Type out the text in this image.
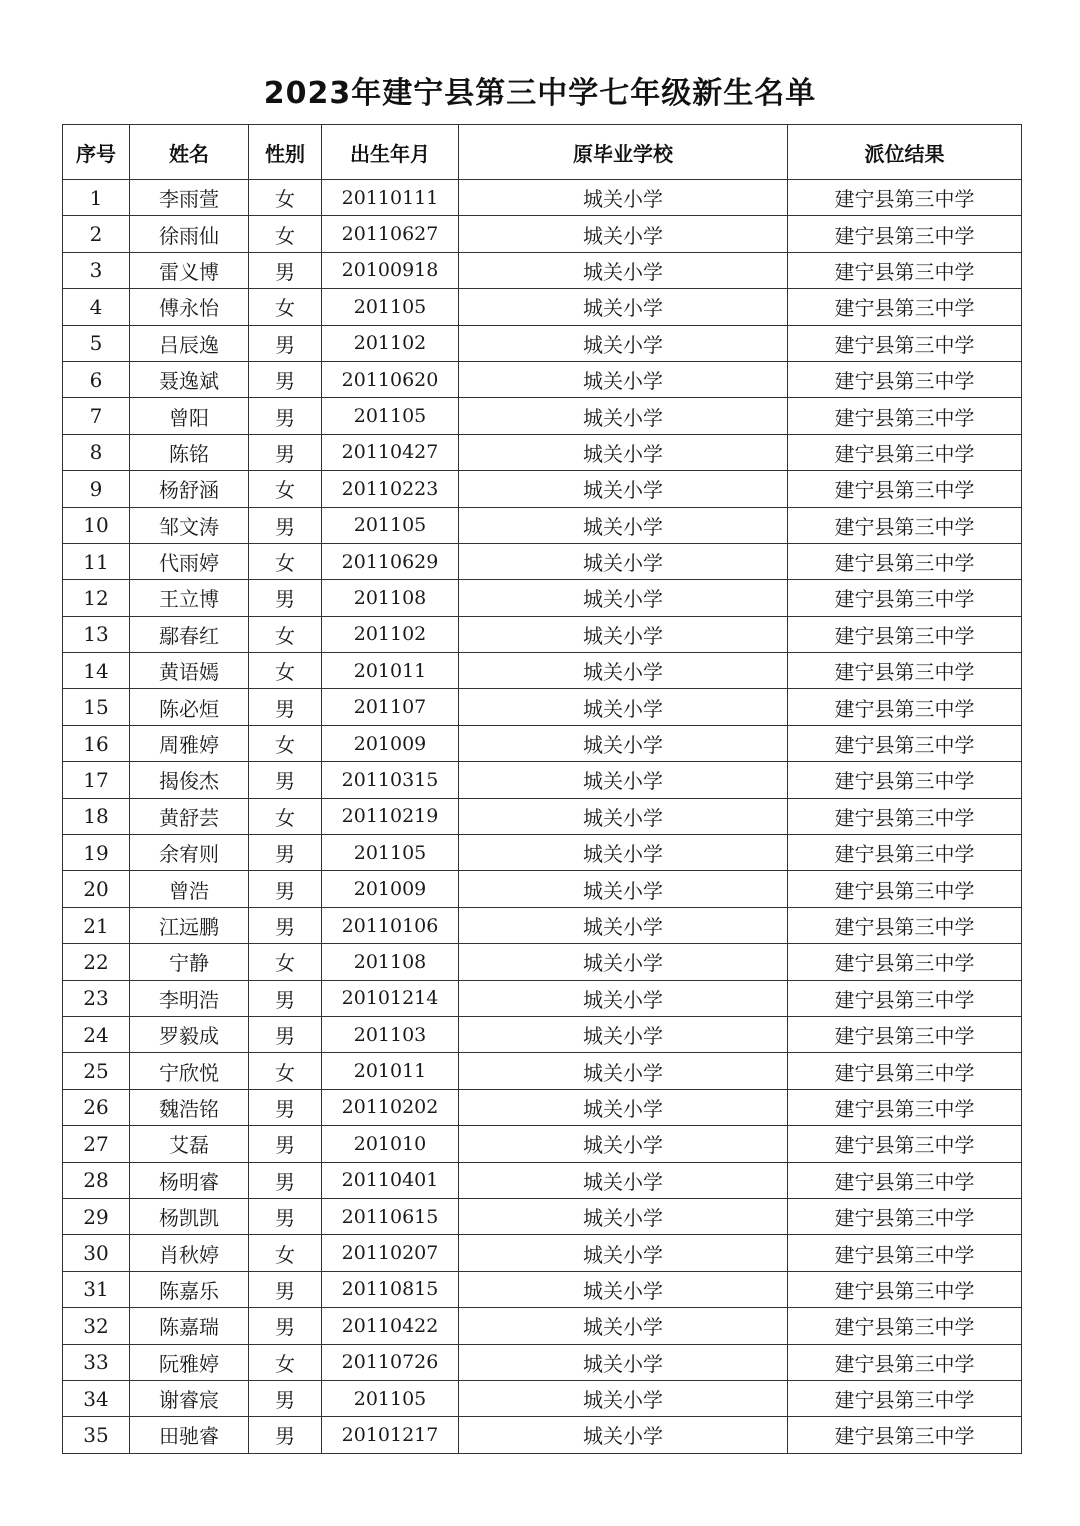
2023年建宁县第三中学七年级新生名单
序号	姓名	性别	出生年月	原毕业学校	派位结果
1	李雨萱	女	20110111	城关小学	建宁县第三中学
2	徐雨仙	女	20110627	城关小学	建宁县第三中学
3	雷义博	男	20100918	城关小学	建宁县第三中学
4	傅永怡	女	201105	城关小学	建宁县第三中学
5	吕辰逸	男	201102	城关小学	建宁县第三中学
6	聂逸斌	男	20110620	城关小学	建宁县第三中学
7	曾阳	男	201105	城关小学	建宁县第三中学
8	陈铭	男	20110427	城关小学	建宁县第三中学
9	杨舒涵	女	20110223	城关小学	建宁县第三中学
10	邹文涛	男	201105	城关小学	建宁县第三中学
11	代雨婷	女	20110629	城关小学	建宁县第三中学
12	王立博	男	201108	城关小学	建宁县第三中学
13	鄢春红	女	201102	城关小学	建宁县第三中学
14	黄语嫣	女	201011	城关小学	建宁县第三中学
15	陈必烜	男	201107	城关小学	建宁县第三中学
16	周雅婷	女	201009	城关小学	建宁县第三中学
17	揭俊杰	男	20110315	城关小学	建宁县第三中学
18	黄舒芸	女	20110219	城关小学	建宁县第三中学
19	余宥则	男	201105	城关小学	建宁县第三中学
20	曾浩	男	201009	城关小学	建宁县第三中学
21	江远鹏	男	20110106	城关小学	建宁县第三中学
22	宁静	女	201108	城关小学	建宁县第三中学
23	李明浩	男	20101214	城关小学	建宁县第三中学
24	罗毅成	男	201103	城关小学	建宁县第三中学
25	宁欣悦	女	201011	城关小学	建宁县第三中学
26	魏浩铭	男	20110202	城关小学	建宁县第三中学
27	艾磊	男	201010	城关小学	建宁县第三中学
28	杨明睿	男	20110401	城关小学	建宁县第三中学
29	杨凯凯	男	20110615	城关小学	建宁县第三中学
30	肖秋婷	女	20110207	城关小学	建宁县第三中学
31	陈嘉乐	男	20110815	城关小学	建宁县第三中学
32	陈嘉瑞	男	20110422	城关小学	建宁县第三中学
33	阮雅婷	女	20110726	城关小学	建宁县第三中学
34	谢睿宸	男	201105	城关小学	建宁县第三中学
35	田驰睿	男	20101217	城关小学	建宁县第三中学
